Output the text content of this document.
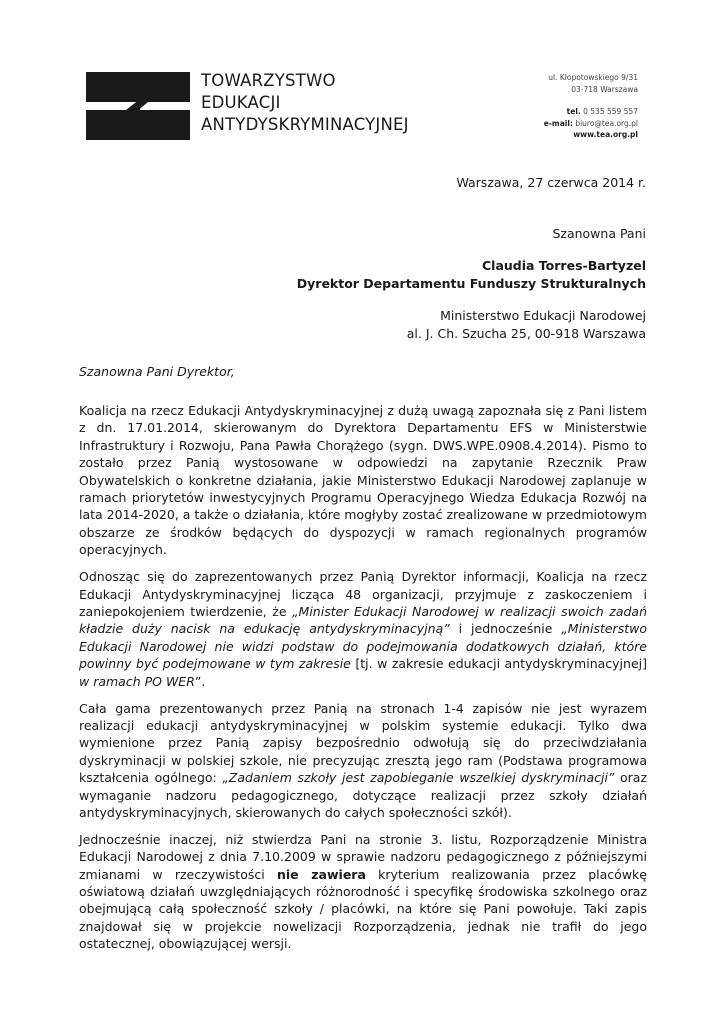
TOWARZYSTWO
EDUKACJI
ANTYDYSKRYMINACYJNEJ
ul. Kłopotowskiego 9/31
03-718 Warszawa
tel. 0 535 559 557
e-mail: biuro@tea.org.pl
www.tea.org.pl
Warszawa, 27 czerwca 2014 r.
Szanowna Pani
Claudia Torres-Bartyzel
Dyrektor Departamentu Funduszy Strukturalnych
Ministerstwo Edukacji Narodowej
al. J. Ch. Szucha 25, 00-918 Warszawa
Szanowna Pani Dyrektor,

Koalicja na rzecz Edukacji Antydyskryminacyjnej z dużą uwagą zapoznała się z Pani listem z dn. 17.01.2014, skierowanym do Dyrektora Departamentu EFS w Ministerstwie Infrastruktury i Rozwoju, Pana Pawła Chorążego (sygn. DWS.WPE.0908.4.2014). Pismo to zostało przez Panią wystosowane w odpowiedzi na zapytanie Rzecznik Praw Obywatelskich o konkretne działania, jakie Ministerstwo Edukacji Narodowej zaplanuje w ramach priorytetów inwestycyjnych Programu Operacyjnego Wiedza Edukacja Rozwój na lata 2014-2020, a także o działania, które mogłyby zostać zrealizowane w przedmiotowym obszarze ze środków będących do dyspozycji w ramach regionalnych programów operacyjnych.

Odnosząc się do zaprezentowanych przez Panią Dyrektor informacji, Koalicja na rzecz Edukacji Antydyskryminacyjnej licząca 48 organizacji, przyjmuje z zaskoczeniem i zaniepokojeniem twierdzenie, że „Minister Edukacji Narodowej w realizacji swoich zadań kładzie duży nacisk na edukację antydyskryminacyjną” i jednocześnie „Ministerstwo Edukacji Narodowej nie widzi podstaw do podejmowania dodatkowych działań, które powinny być podejmowane w tym zakresie [tj. w zakresie edukacji antydyskryminacyjnej] w ramach PO WER”.

Cała gama prezentowanych przez Panią na stronach 1-4 zapisów nie jest wyrazem realizacji edukacji antydyskryminacyjnej w polskim systemie edukacji. Tylko dwa wymienione przez Panią zapisy bezpośrednio odwołują się do przeciwdziałania dyskryminacji w polskiej szkole, nie precyzując zresztą jego ram (Podstawa programowa kształcenia ogólnego: „Zadaniem szkoły jest zapobieganie wszelkiej dyskryminacji” oraz wymaganie nadzoru pedagogicznego, dotyczące realizacji przez szkoły działań antydyskryminacyjnych, skierowanych do całych społeczności szkół).

Jednocześnie inaczej, niż stwierdza Pani na stronie 3. listu, Rozporządzenie Ministra Edukacji Narodowej z dnia 7.10.2009 w sprawie nadzoru pedagogicznego z późniejszymi zmianami w rzeczywistości nie zawiera kryterium realizowania przez placówkę oświatową działań uwzględniających różnorodność i specyfikę środowiska szkolnego oraz obejmującą całą społeczność szkoły / placówki, na które się Pani powołuje. Taki zapis znajdował się w projekcie nowelizacji Rozporządzenia, jednak nie trafił do jego ostatecznej, obowiązującej wersji.
